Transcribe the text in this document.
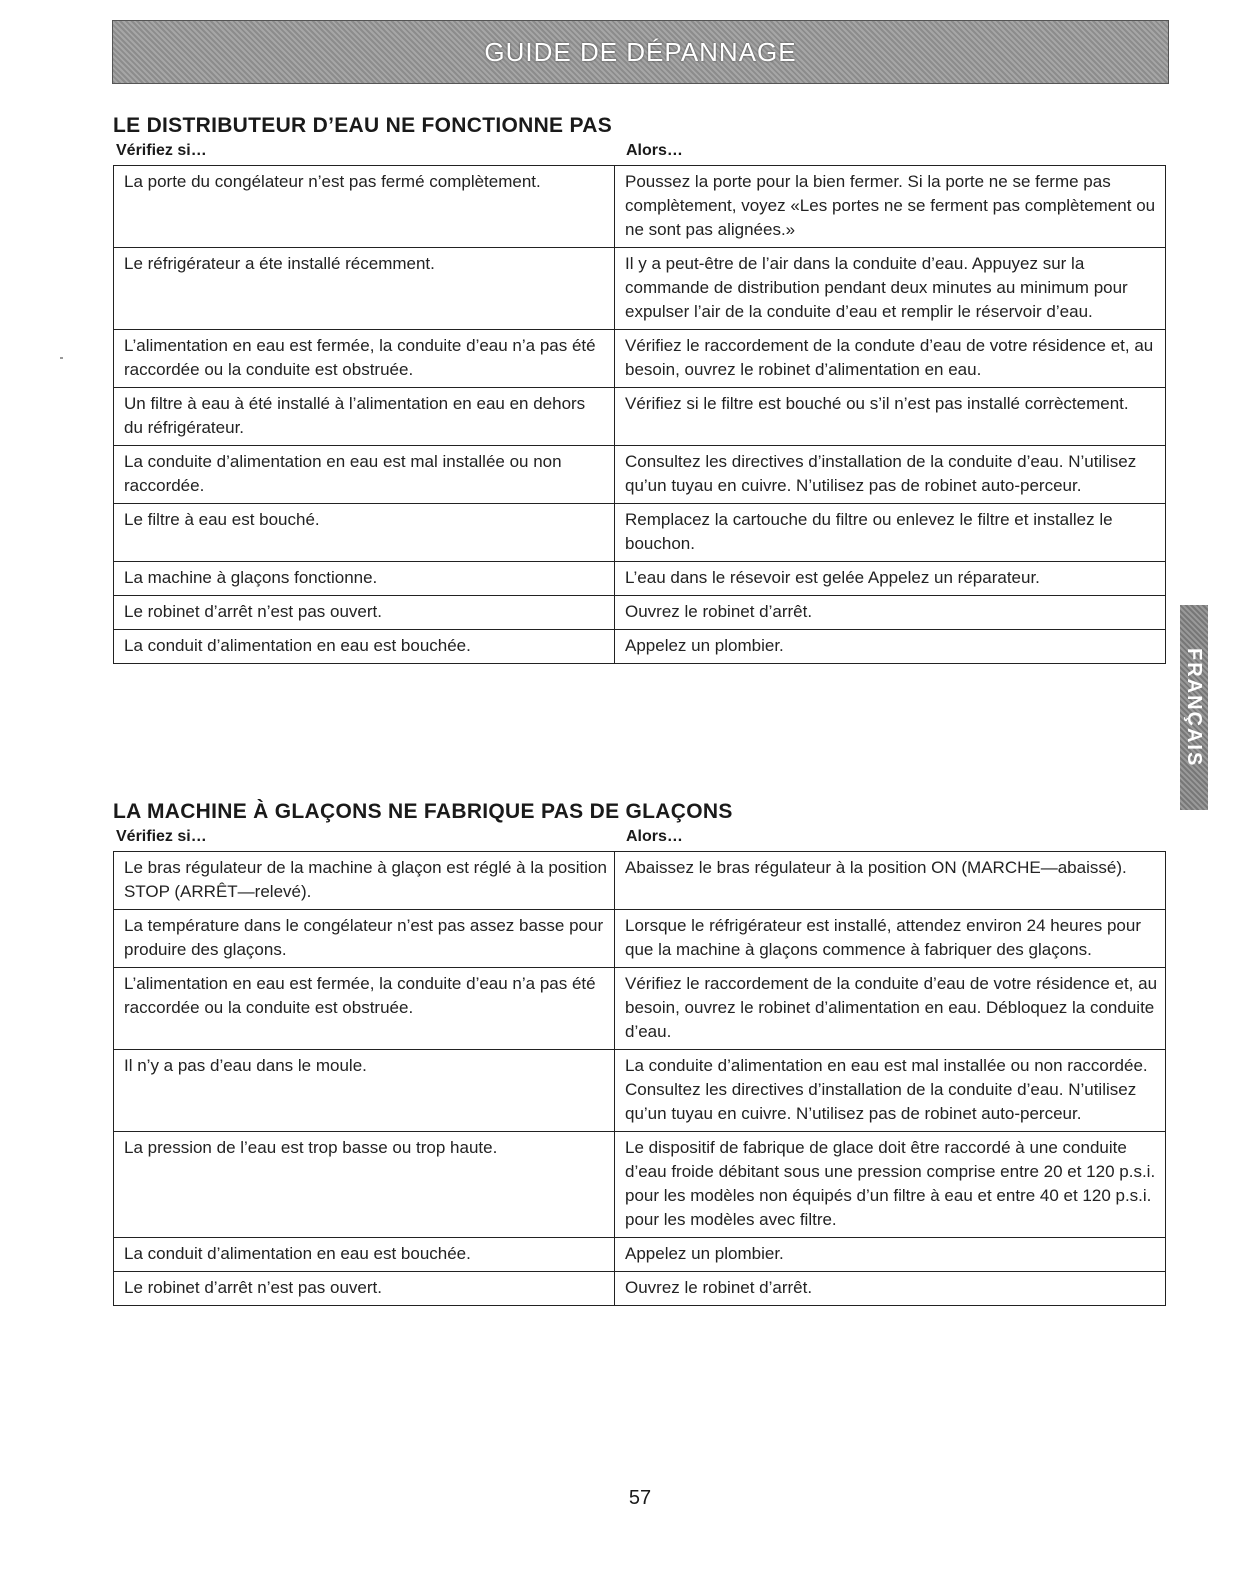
GUIDE DE DÉPANNAGE
FRANÇAIS
LE DISTRIBUTEUR D’EAU NE FONCTIONNE PAS
Vérifiez si…	Alors…
La porte du congélateur n’est pas fermé complètement.	Poussez la porte pour la bien fermer. Si la porte ne se ferme pas complètement, voyez «Les portes ne se ferment pas complètement ou ne sont pas alignées.»
Le réfrigérateur a éte installé récemment.	Il y a peut-être de l’air dans la conduite d’eau. Appuyez sur la commande de distribution pendant deux minutes au minimum pour expulser l’air de la conduite d’eau et remplir le réservoir d’eau.
L’alimentation en eau est fermée, la conduite d’eau n’a pas été raccordée ou la conduite est obstruée.	Vérifiez le raccordement de la condute d’eau de votre résidence et, au besoin, ouvrez le robinet d’alimentation en eau.
Un filtre à eau à été installé à l’alimentation en eau en dehors du réfrigérateur.	Vérifiez si le filtre est bouché ou s’il n’est pas installé corrèctement.
La conduite d’alimentation en eau est mal installée ou non raccordée.	Consultez les directives d’installation de la conduite d’eau. N’utilisez qu’un tuyau en cuivre. N’utilisez pas de robinet auto-perceur.
Le filtre à eau est bouché.	Remplacez la cartouche du filtre ou enlevez le filtre et installez le bouchon.
La machine à glaçons fonctionne.	L’eau dans le résevoir est gelée Appelez un réparateur.
Le robinet d’arrêt n’est pas ouvert.	Ouvrez le robinet d’arrêt.
La conduit d’alimentation en eau est bouchée.	Appelez un plombier.
LA MACHINE À GLAÇONS NE FABRIQUE PAS DE GLAÇONS
Vérifiez si…	Alors…
Le bras régulateur de la machine à glaçon est réglé à la position STOP (ARRÊT—relevé).	Abaissez le bras régulateur à la position ON (MARCHE—abaissé).
La température dans le congélateur n’est pas assez basse pour produire des glaçons.	Lorsque le réfrigérateur est installé, attendez environ 24 heures pour que la machine à glaçons commence à fabriquer des glaçons.
L’alimentation en eau est fermée, la conduite d’eau n’a pas été raccordée ou la conduite est obstruée.	Vérifiez le raccordement de la conduite d’eau de votre résidence et, au besoin, ouvrez le robinet d’alimentation en eau. Débloquez la conduite d’eau.
Il n’y a pas d’eau dans le moule.	La conduite d’alimentation en eau est mal installée ou non raccordée. Consultez les directives d’installation de la conduite d’eau. N’utilisez qu’un tuyau en cuivre. N’utilisez pas de robinet auto-perceur.
La pression de l’eau est trop basse ou trop haute.	Le dispositif de fabrique de glace doit être raccordé à une conduite d’eau froide débitant sous une pression comprise entre 20 et 120 p.s.i. pour les modèles non équipés d’un filtre à eau et entre 40 et 120 p.s.i. pour les modèles avec filtre.
La conduit d’alimentation en eau est bouchée.	Appelez un plombier.
Le robinet d’arrêt n’est pas ouvert.	Ouvrez le robinet d’arrêt.
57
